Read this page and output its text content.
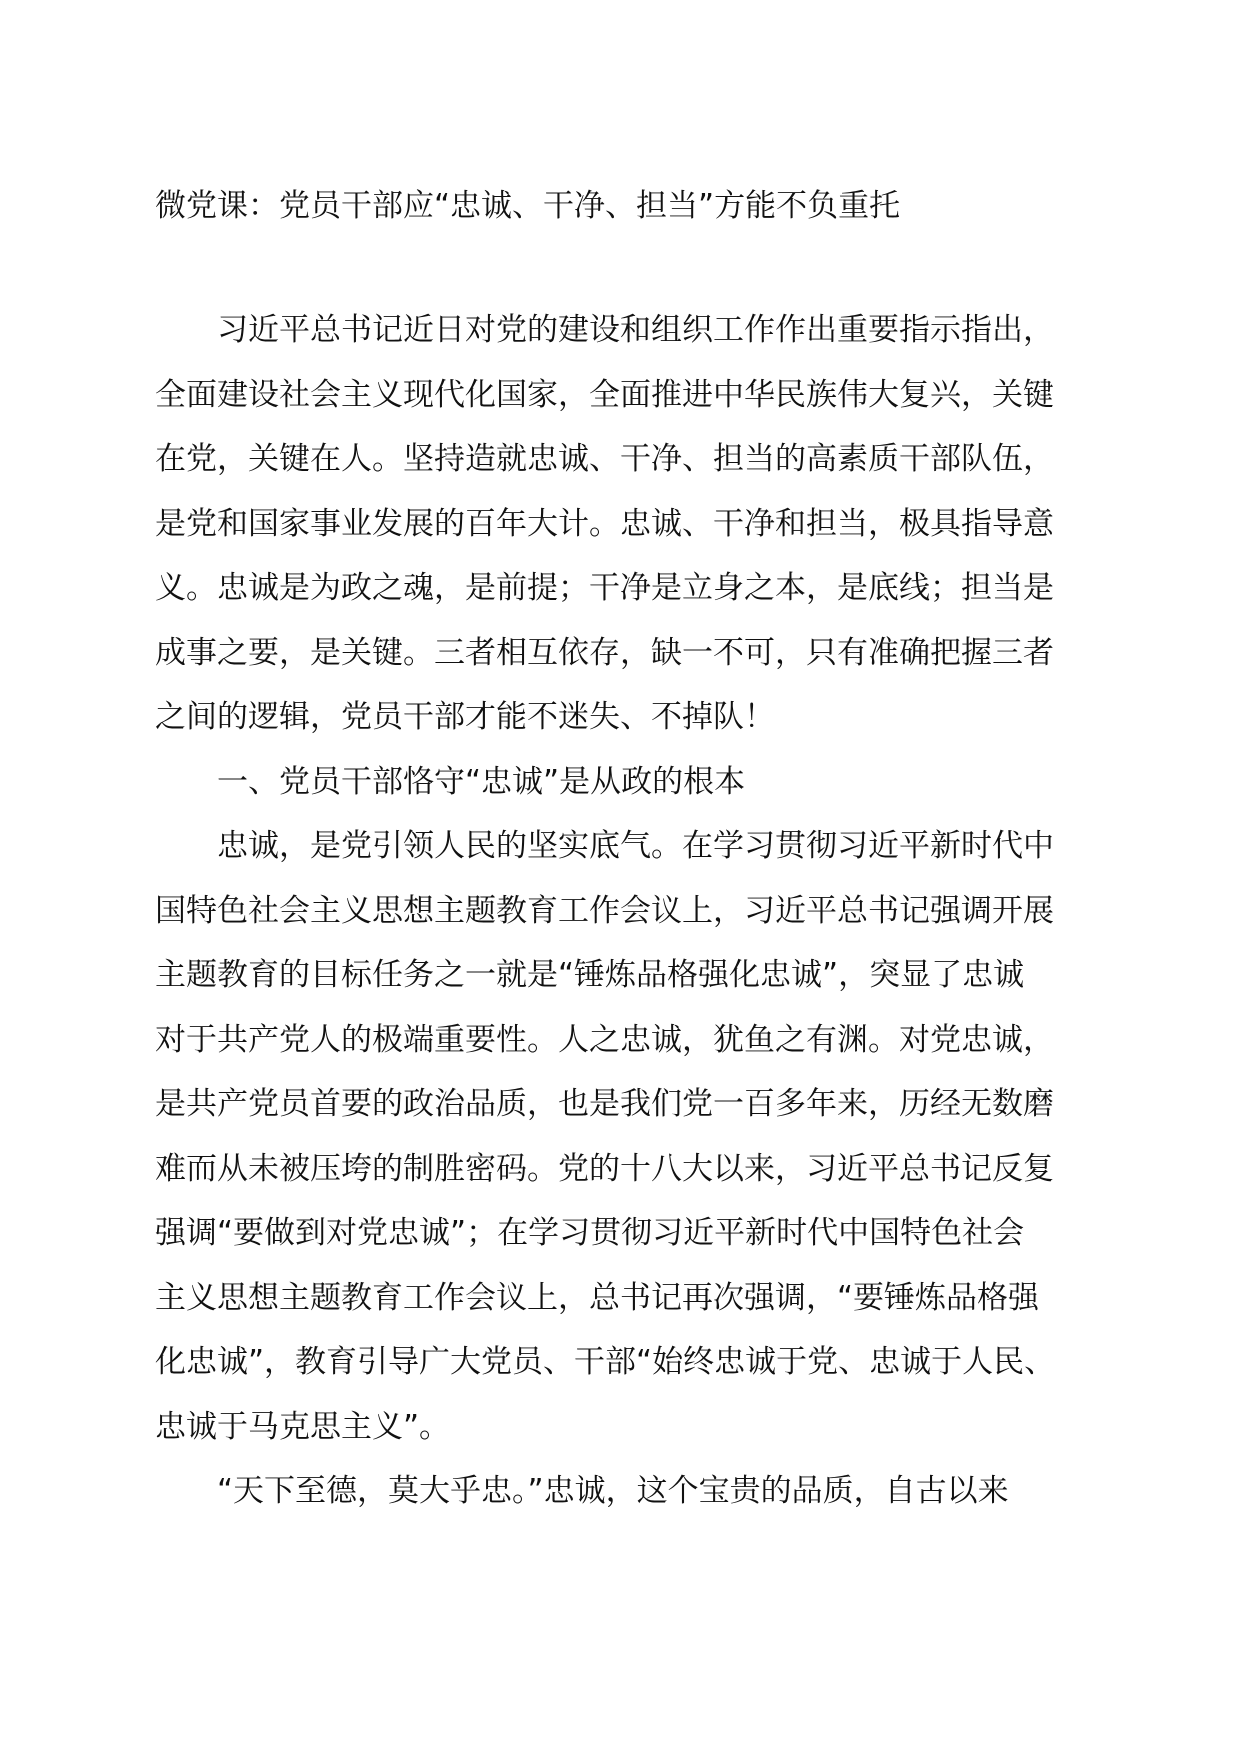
微党课：党员干部应“忠诚、干净、担当”方能不负重托
习近平总书记近日对党的建设和组织工作作出重要指示指出，
全面建设社会主义现代化国家，全面推进中华民族伟大复兴，关键
在党，关键在人。坚持造就忠诚、干净、担当的高素质干部队伍，
是党和国家事业发展的百年大计。忠诚、干净和担当，极具指导意
义。忠诚是为政之魂，是前提；干净是立身之本，是底线；担当是
成事之要，是关键。三者相互依存，缺一不可，只有准确把握三者
之间的逻辑，党员干部才能不迷失、不掉队！
一、党员干部恪守“忠诚”是从政的根本
忠诚，是党引领人民的坚实底气。在学习贯彻习近平新时代中
国特色社会主义思想主题教育工作会议上，习近平总书记强调开展
主题教育的目标任务之一就是“锤炼品格强化忠诚”，突显了忠诚
对于共产党人的极端重要性。人之忠诚，犹鱼之有渊。对党忠诚，
是共产党员首要的政治品质，也是我们党一百多年来，历经无数磨
难而从未被压垮的制胜密码。党的十八大以来，习近平总书记反复
强调“要做到对党忠诚”；在学习贯彻习近平新时代中国特色社会
主义思想主题教育工作会议上，总书记再次强调，“要锤炼品格强
化忠诚”，教育引导广大党员、干部“始终忠诚于党、忠诚于人民、
忠诚于马克思主义”。
“天下至德，莫大乎忠。”忠诚，这个宝贵的品质，自古以来
